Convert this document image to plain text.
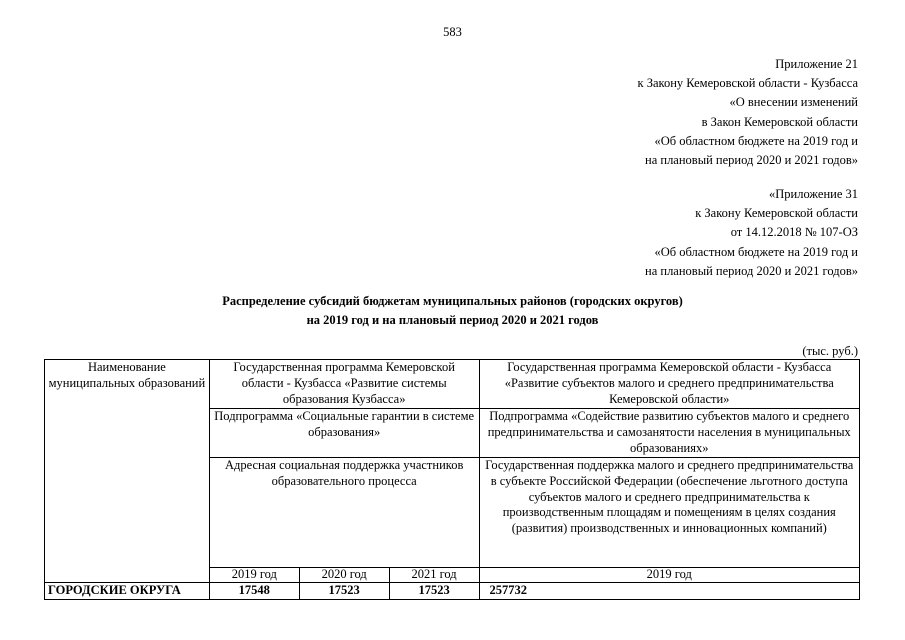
583
Приложение 21
к Закону Кемеровской области - Кузбасса
«О внесении изменений
в Закон Кемеровской области
«Об областном бюджете на 2019 год и
на плановый период 2020 и 2021 годов»
«Приложение 31
к Закону Кемеровской области
от 14.12.2018 № 107-ОЗ
«Об областном бюджете на 2019 год и
на плановый период 2020 и 2021 годов»
Распределение субсидий бюджетам муниципальных районов (городских округов)
на 2019 год и на плановый период 2020 и 2021 годов
(тыс. руб.)
Наименование муниципальных образований	Государственная программа Кемеровской области - Кузбасса «Развитие системы образования Кузбасса»			Государственная программа Кемеровской области - Кузбасса «Развитие субъектов малого и среднего предпринимательства Кемеровской области»
	Подпрограмма «Социальные гарантии в системе образования»			Подпрограмма «Содействие развитию субъектов малого и среднего предпринимательства и самозанятости населения в муниципальных образованиях»
	Адресная социальная поддержка участников образовательного процесса			Государственная поддержка малого и среднего предпринимательства в субъекте Российской Федерации (обеспечение льготного доступа субъектов малого и среднего предпринимательства к производственным площадям и помещениям в целях создания (развития) производственных и инновационных компаний)
	2019 год	2020 год	2021 год	2019 год
ГОРОДСКИЕ ОКРУГА	17548	17523	17523	257732
